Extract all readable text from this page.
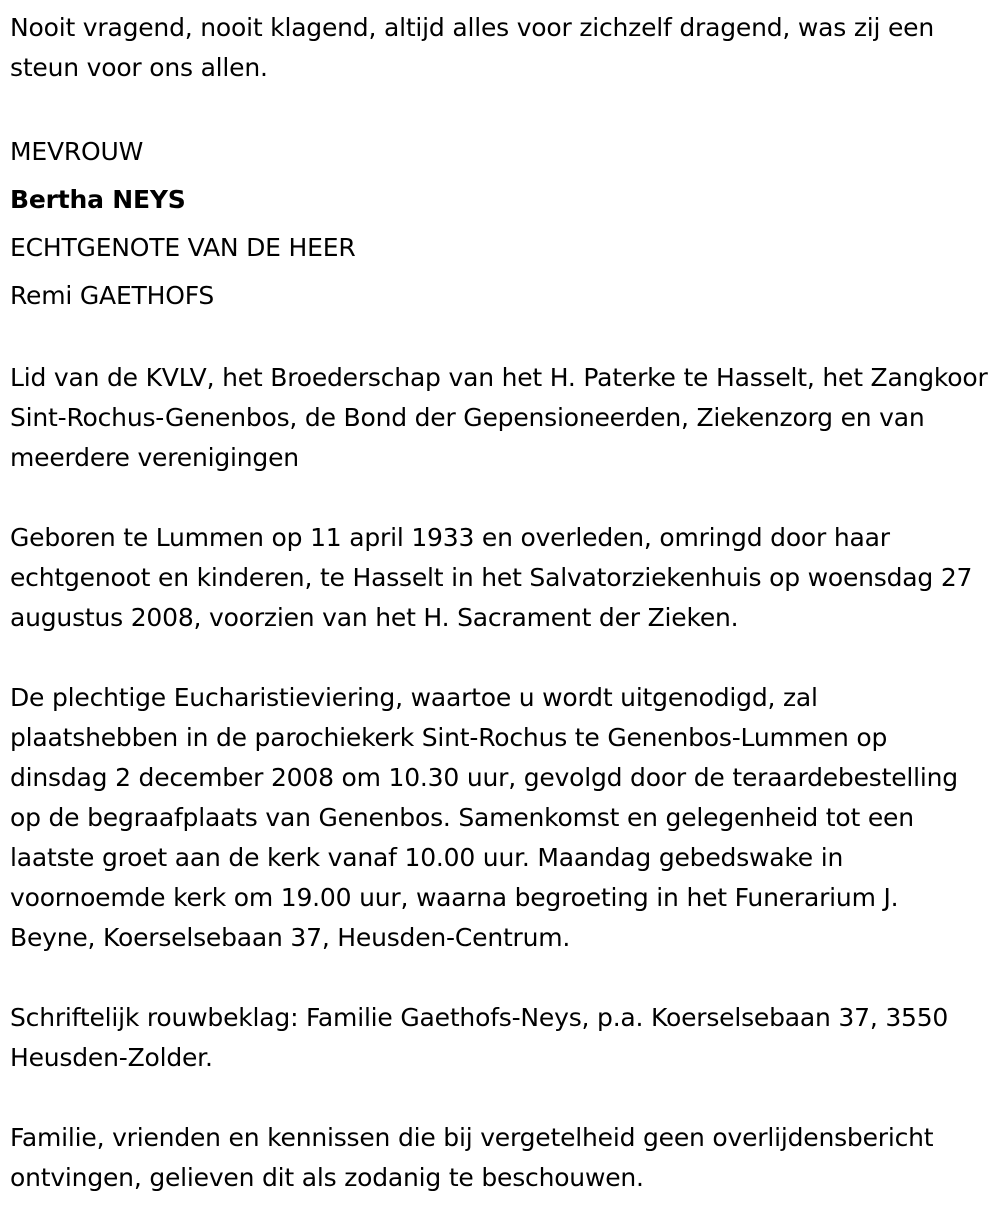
Nooit vragend, nooit klagend, altijd alles voor zichzelf dragend, was zij een steun voor ons allen.

MEVROUW
Bertha NEYS
ECHTGENOTE VAN DE HEER
Remi GAETHOFS

Lid van de KVLV, het Broederschap van het H. Paterke te Hasselt, het Zangkoor Sint-Rochus-Genenbos, de Bond der Gepensioneerden, Ziekenzorg en van meerdere verenigingen

Geboren te Lummen op 11 april 1933 en overleden, omringd door haar echtgenoot en kinderen, te Hasselt in het Salvatorziekenhuis op woensdag 27 augustus 2008, voorzien van het H. Sacrament der Zieken.

De plechtige Eucharistieviering, waartoe u wordt uitgenodigd, zal plaatshebben in de parochiekerk Sint-Rochus te Genenbos-Lummen op dinsdag 2 december 2008 om 10.30 uur, gevolgd door de teraardebestelling op de begraafplaats van Genenbos. Samenkomst en gelegenheid tot een laatste groet aan de kerk vanaf 10.00 uur. Maandag gebedswake in voornoemde kerk om 19.00 uur, waarna begroeting in het Funerarium J. Beyne, Koerselsebaan 37, Heusden-Centrum.

Schriftelijk rouwbeklag: Familie Gaethofs-Neys, p.a. Koerselsebaan 37, 3550 Heusden-Zolder.

Familie, vrienden en kennissen die bij vergetelheid geen overlijdensbericht ontvingen, gelieven dit als zodanig te beschouwen.
